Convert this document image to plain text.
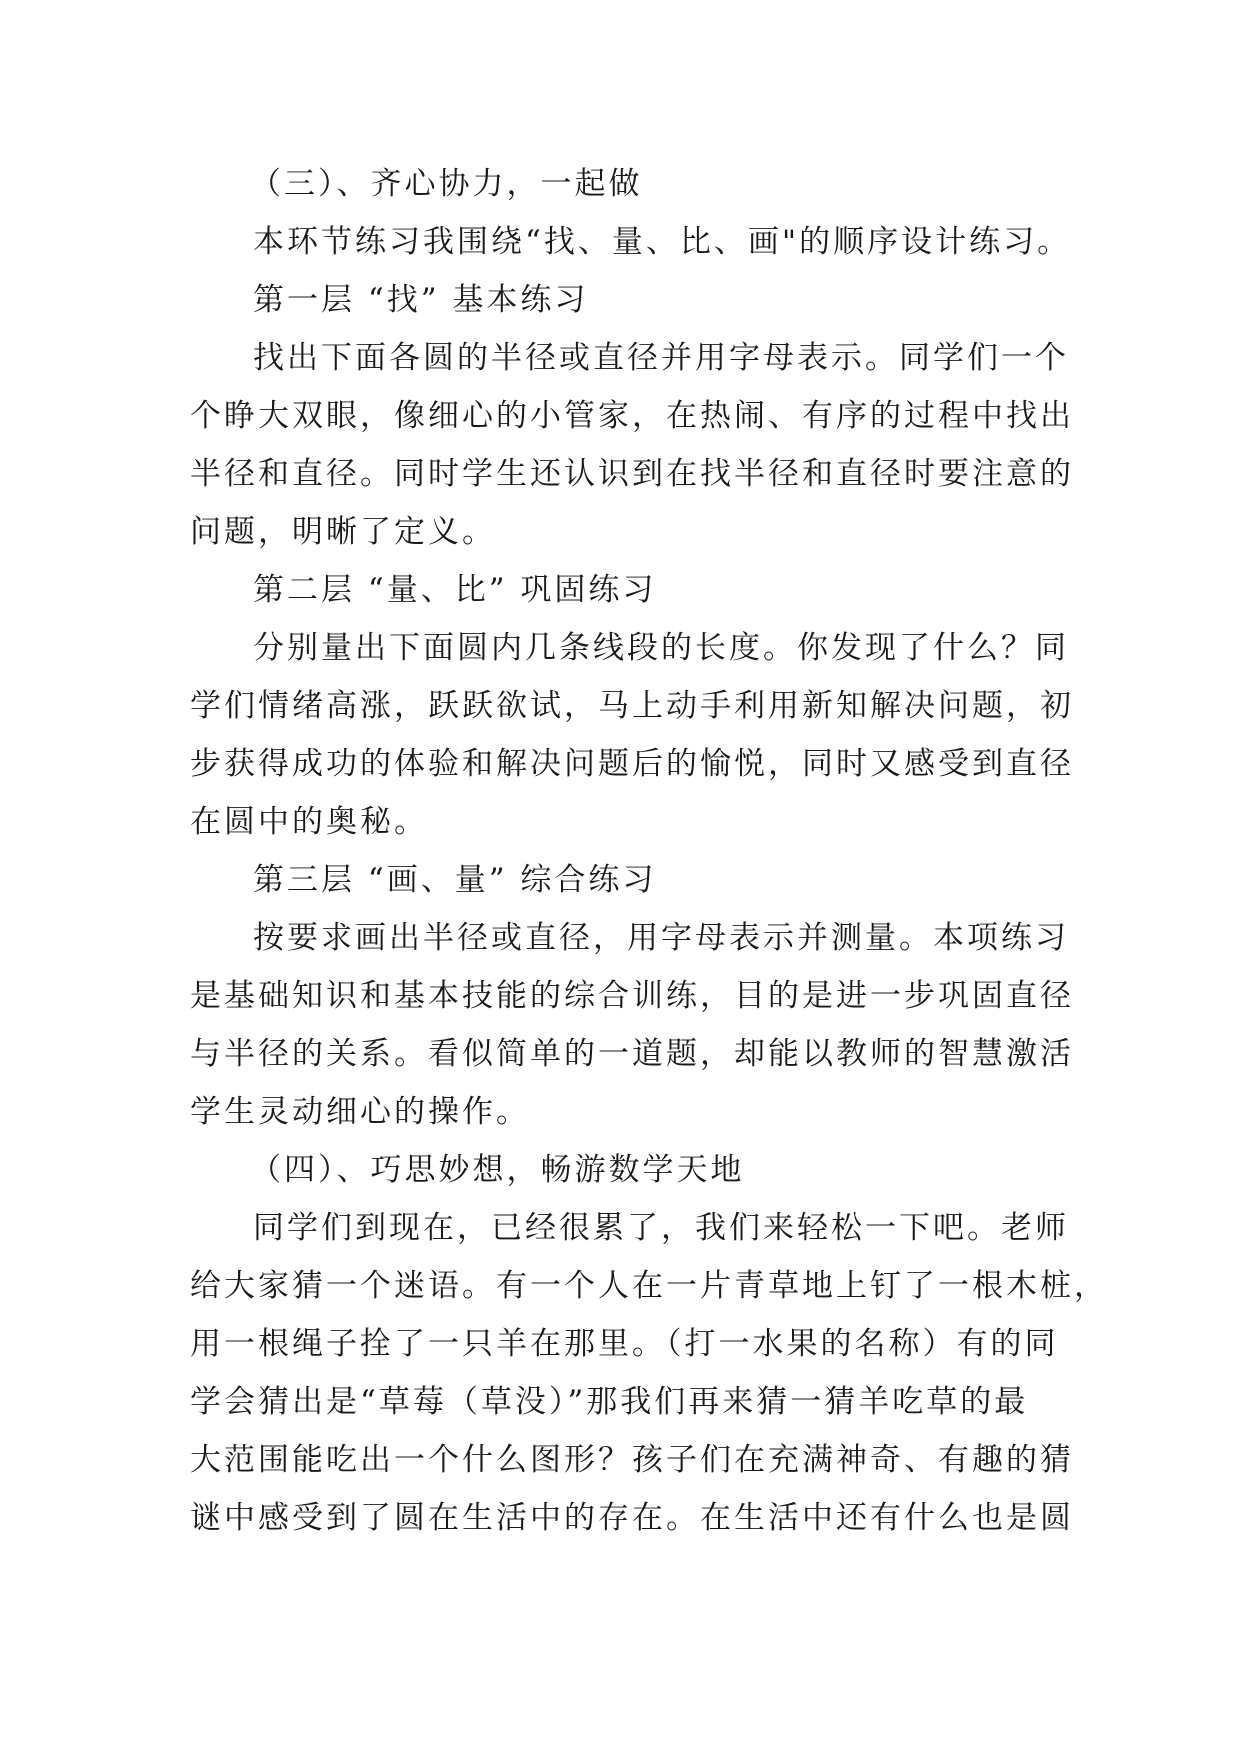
（三）、齐心协力，一起做
本环节练习我围绕“找、量、比、画"的顺序设计练习。
第一层 “找” 基本练习
找出下面各圆的半径或直径并用字母表示。同学们一个
个睁大双眼，像细心的小管家，在热闹、有序的过程中找出
半径和直径。同时学生还认识到在找半径和直径时要注意的
问题，明晰了定义。
第二层 “量、比” 巩固练习
分别量出下面圆内几条线段的长度。你发现了什么？同
学们情绪高涨，跃跃欲试，马上动手利用新知解决问题，初
步获得成功的体验和解决问题后的愉悦，同时又感受到直径
在圆中的奥秘。
第三层 “画、量” 综合练习
按要求画出半径或直径，用字母表示并测量。本项练习
是基础知识和基本技能的综合训练，目的是进一步巩固直径
与半径的关系。看似简单的一道题，却能以教师的智慧激活
学生灵动细心的操作。
（四）、巧思妙想，畅游数学天地
同学们到现在，已经很累了，我们来轻松一下吧。老师
给大家猜一个迷语。有一个人在一片青草地上钉了一根木桩，
用一根绳子拴了一只羊在那里。（打一水果的名称）有的同
学会猜出是“草莓（草没）”那我们再来猜一猜羊吃草的最
大范围能吃出一个什么图形？孩子们在充满神奇、有趣的猜
谜中感受到了圆在生活中的存在。在生活中还有什么也是圆
